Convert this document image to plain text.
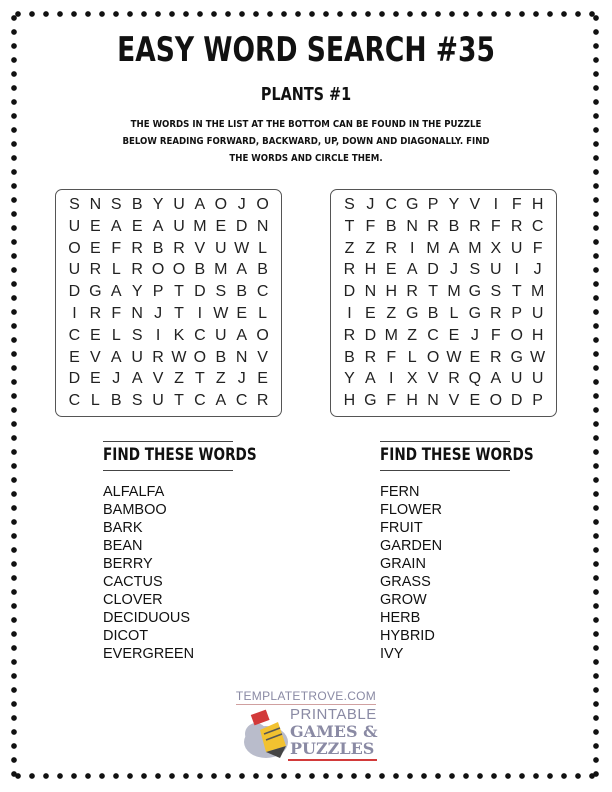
EASY WORD SEARCH #35
PLANTS #1
THE WORDS IN THE LIST AT THE BOTTOM CAN BE FOUND IN THE PUZZLE BELOW READING FORWARD, BACKWARD, UP, DOWN AND DIAGONALLY. FIND THE WORDS AND CIRCLE THEM.
S N S B Y U A O J O
U E A E A U M E D N
O E F R B R V U W L
U R L R O O B M A B
D G A Y P T D S B C
I R F N J T I W E L
C E L S I K C U A O
E V A U R W O B N V
D E J A V Z T Z J E
C L B S U T C A C R
S J C G P Y V I F H
T F B N R B R F R C
Z Z R I M A M X U F
R H E A D J S U I J
D N H R T M G S T M
I E Z G B L G R P U
R D M Z C E J F O H
B R F L O W E R G W
Y A I X V R Q A U U
H G F H N V E O D P
FIND THESE WORDS	FIND THESE WORDS
ALFALFA
BAMBOO
BARK
BEAN
BERRY
CACTUS
CLOVER
DECIDUOUS
DICOT
EVERGREEN
FERN
FLOWER
FRUIT
GARDEN
GRAIN
GRASS
GROW
HERB
HYBRID
IVY
TEMPLATETROVE.COM
PRINTABLE
GAMES &
PUZZLES
